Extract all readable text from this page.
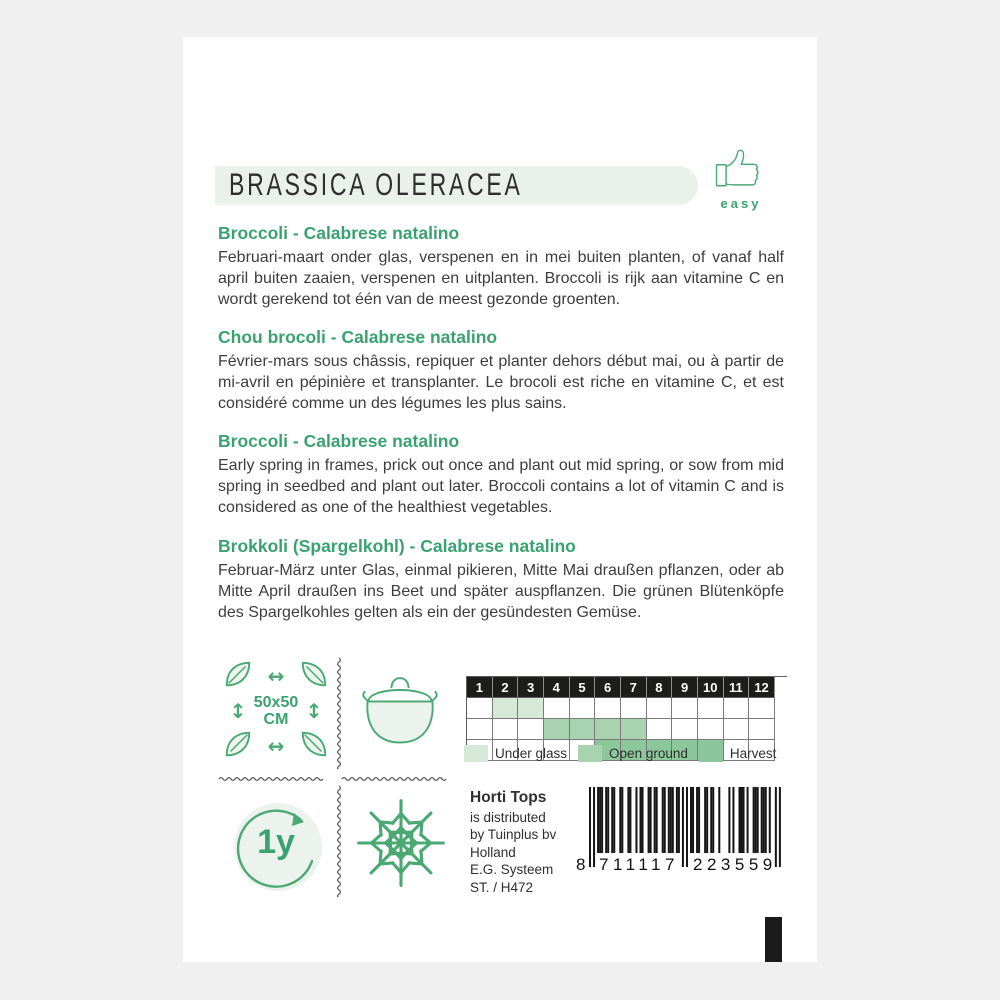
BRASSICA OLERACEA
easy

Broccoli - Calabrese natalino

Februari-maart onder glas, verspenen en in mei buiten planten, of vanaf half april buiten zaaien, verspenen en uitplanten. Broccoli is rijk aan vitamine C en wordt gerekend tot één van de meest gezonde groenten.

Chou brocoli - Calabrese natalino

Février-mars sous châssis, repiquer et planter dehors début mai, ou à partir de mi-avril en pépinière et transplanter. Le brocoli est riche en vitamine C, et est considéré comme un des légumes les plus sains.

Broccoli - Calabrese natalino

Early spring in frames, prick out once and plant out mid spring, or sow from mid spring in seedbed and plant out later. Broccoli contains a lot of vitamin C and is considered as one of the healthiest vegetables.

Brokkoli (Spargelkohl) - Calabrese natalino

Februar-März unter Glas, einmal pikieren, Mitte Mai draußen pflanzen, oder ab Mitte April draußen ins Beet und später auspflanzen. Die grünen Blütenköpfe des Spargelkohles gelten als ein der gesündesten Gemüse.

↔
↕ 50x50
CM ↕
↔
1y
1	2	3	4	5	6	7	8	9	10 11 12
Under glass	Open ground	Harvest
Horti Tops
is distributed
by Tuinplus bv
Holland
E.G. Systeem
ST. / H472
8 711117 223559
